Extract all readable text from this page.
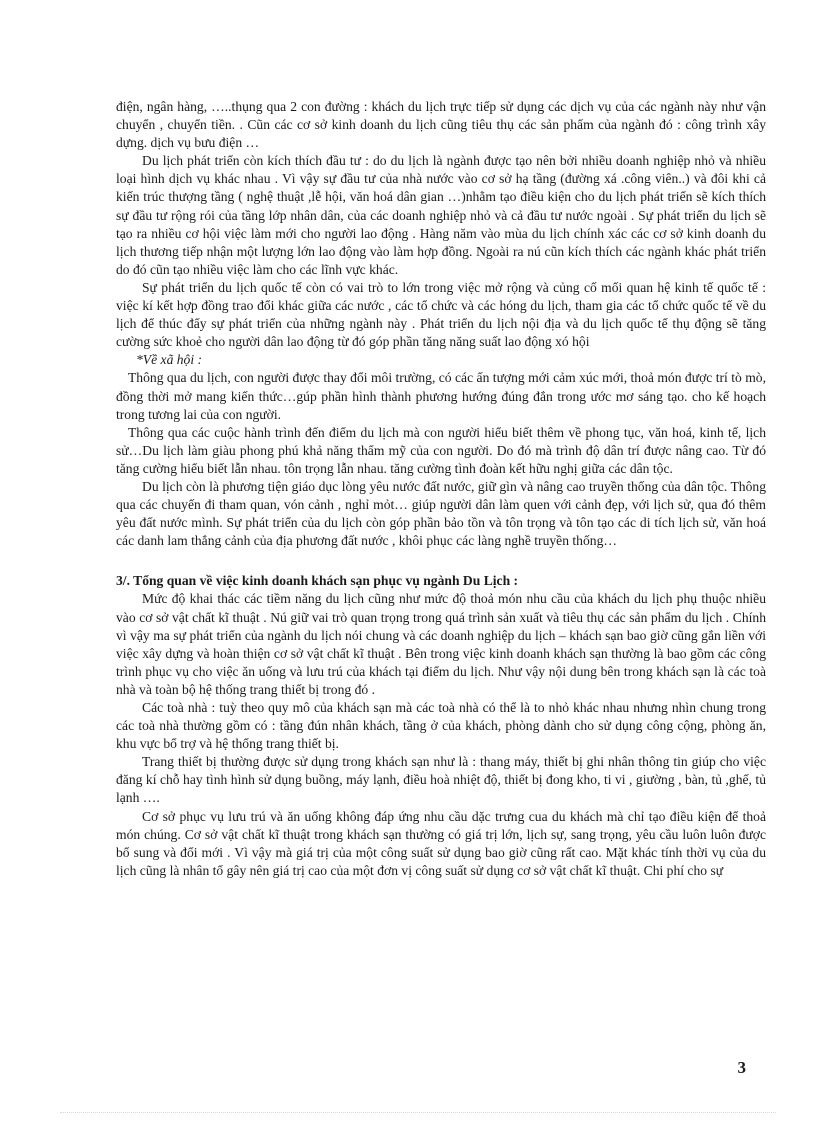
điện, ngân hàng, …..thụng qua 2 con đường : khách du lịch trực tiếp sử dụng các dịch vụ của các ngành này như vận chuyển , chuyển tiền. . Cũn các cơ sở kinh doanh du lịch cũng tiêu thụ các sản phẩm của ngành đó : công trình xây dựng. dịch vụ bưu điện …

Du lịch phát triển còn kích thích đầu tư : do du lịch là ngành được tạo nên bởi nhiều doanh nghiệp nhỏ và nhiều loại hình dịch vụ khác nhau . Vì vậy sự đầu tư của nhà nước vào cơ sở hạ tầng (đường xá .công viên..) và đôi khi cả kiến trúc thượng tầng ( nghệ thuật ,lễ hội, văn hoá dân gian …)nhằm tạo điều kiện cho du lịch phát triển sẽ kích thích sự đầu tư rộng rói của tầng lớp nhân dân, của các doanh nghiệp nhỏ và cả đầu tư nước ngoài . Sự phát triển du lịch sẽ tạo ra nhiều cơ hội việc làm mới cho người lao động . Hàng năm vào mùa du lịch chính xác các cơ sở kinh doanh du lịch thương tiếp nhận một lượng lớn lao động vào làm hợp đồng. Ngoài ra nú cũn kích thích các ngành khác phát triển do đó cũn tạo nhiều việc làm cho các lĩnh vực khác.

Sự phát triển du lịch quốc tế còn có vai trò to lớn trong việc mở rộng và củng cố mối quan hệ kinh tế quốc tế : việc kí kết hợp đồng trao đổi khác giữa các nước , các tổ chức và các hóng du lịch, tham gia các tổ chức quốc tế về du lịch để thúc đẩy sự phát triển của những ngành này . Phát triển du lịch nội địa và du lịch quốc tế thụ động sẽ tăng cường sức khoẻ cho người dân lao động từ đó góp phần tăng năng suất lao động xó hội

*Về xã hội :

Thông qua du lịch, con người được thay đổi môi trường, có các ấn tượng mới cảm xúc mới, thoả món được trí tò mò, đồng thời mở mang kiến thức…gúp phần hình thành phương hướng đúng đắn trong ước mơ sáng tạo. cho kế hoạch trong tương lai của con người.

Thông qua các cuộc hành trình đến điểm du lịch mà con người hiểu biết thêm về phong tục, văn hoá, kinh tế, lịch sử…Du lịch làm giàu phong phú khả năng thẩm mỹ của con người. Do đó mà trình độ dân trí được nâng cao. Từ đó tăng cường hiểu biết lẫn nhau. tôn trọng lẫn nhau. tăng cường tình đoàn kết hữu nghị giữa các dân tộc.

Du lịch còn là phương tiện giáo dục lòng yêu nước đất nước, giữ gìn và nâng cao truyền thống của dân tộc. Thông qua các chuyến đi tham quan, vón cảnh , nghỉ mỏt… giúp người dân làm quen với cảnh đẹp, với lịch sử, qua đó thêm yêu đất nước mình. Sự phát triển của du lịch còn góp phần bảo tồn và tôn trọng và tôn tạo các di tích lịch sử, văn hoá các danh lam thắng cảnh của địa phương đất nước , khôi phục các làng nghề truyền thống…

3/. Tổng quan về việc kinh doanh khách sạn phục vụ ngành Du Lịch :

Mức độ khai thác các tiềm năng du lịch cũng như mức độ thoả món nhu cầu của khách du lịch phụ thuộc nhiều vào cơ sở vật chất kĩ thuật . Nú giữ vai trò quan trọng trong quá trình sản xuất và tiêu thụ các sản phẩm du lịch . Chính vì vậy ma sự phát triển của ngành du lịch nói chung và các doanh nghiệp du lịch – khách sạn bao giờ cũng gắn liền với việc xây dựng và hoàn thiện cơ sở vật chất kĩ thuật . Bên trong việc kinh doanh khách sạn thường là bao gồm các công trình phục vụ cho việc ăn uống và lưu trú của khách tại điểm du lịch. Như vậy nội dung bên trong khách sạn là các toà nhà và toàn bộ hệ thống trang thiết bị trong đó .

Các toà nhà : tuỳ theo quy mô của khách sạn mà các toà nhà có thể là to nhỏ khác nhau nhưng nhìn chung trong các toà nhà thường gồm có : tầng đún nhân khách, tầng ở của khách, phòng dành cho sử dụng công cộng, phòng ăn, khu vực bổ trợ và hệ thống trang thiết bị.

Trang thiết bị thường được sử dụng trong khách sạn như là : thang máy, thiết bị ghi nhân thông tin giúp cho việc đăng kí chỗ hay tình hình sử dụng buồng, máy lạnh, điều hoà nhiệt độ, thiết bị đong kho, ti vi , giường , bàn, tủ ,ghế, tủ lạnh ….

Cơ sở phục vụ lưu trú và ăn uống không đáp ứng nhu cầu dặc trưng cua du khách mà chỉ tạo điều kiện để thoả món chúng. Cơ sở vật chất kĩ thuật trong khách sạn thường có giá trị lớn, lịch sự, sang trọng, yêu cầu luôn luôn được bổ sung và đổi mới . Vì vậy mà giá trị của một công suất sử dụng bao giờ cũng rất cao. Mặt khác tính thời vụ của du lịch cũng là nhân tố gây nên giá trị cao của một đơn vị công suất sử dụng cơ sở vật chất kĩ thuật. Chi phí cho sự

3
